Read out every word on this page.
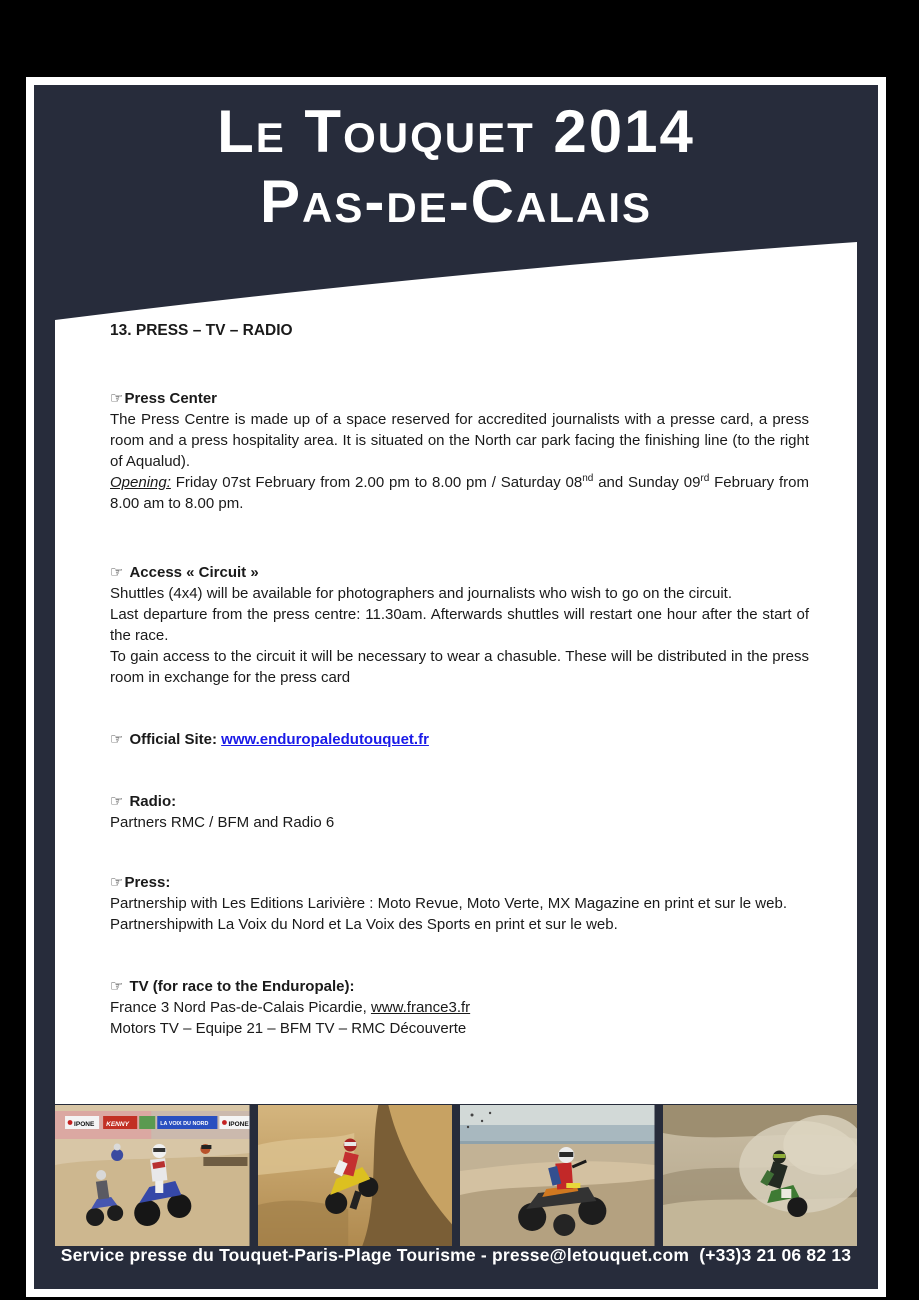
Le Touquet 2014
Pas-de-Calais
13. PRESS – TV – RADIO

☞Press Center

The Press Centre is made up of a space reserved for accredited journalists with a presse card, a press room and a press hospitality area. It is situated on the North car park facing the finishing line (to the right of Aqualud).

Opening: Friday 07st February from 2.00 pm to 8.00 pm / Saturday 08nd and Sunday 09rd February from 8.00 am to 8.00 pm.

☞ Access « Circuit »

Shuttles (4x4) will be available for photographers and journalists who wish to go on the circuit.

Last departure from the press centre: 11.30am. Afterwards shuttles will restart one hour after the start of the race.

To gain access to the circuit it will be necessary to wear a chasuble. These will be distributed in the press room in exchange for the press card

☞ Official Site: www.enduropaledutouquet.fr

☞ Radio:

Partners RMC / BFM and Radio 6

☞Press:

Partnership with Les Editions Larivière : Moto Revue, Moto Verte, MX Magazine en print et sur le web.

Partnershipwith La Voix du Nord et La Voix des Sports en print et sur le web.

☞ TV (for race to the Enduropale):

France 3 Nord Pas-de-Calais Picardie, www.france3.fr

Motors TV – Equipe 21 – BFM TV – RMC Découverte

IPONE KENNY	LA VOIX DU NORD	IPONE
Service presse du Touquet-Paris-Plage Tourisme - presse@letouquet.com  (+33)3 21 06 82 13
